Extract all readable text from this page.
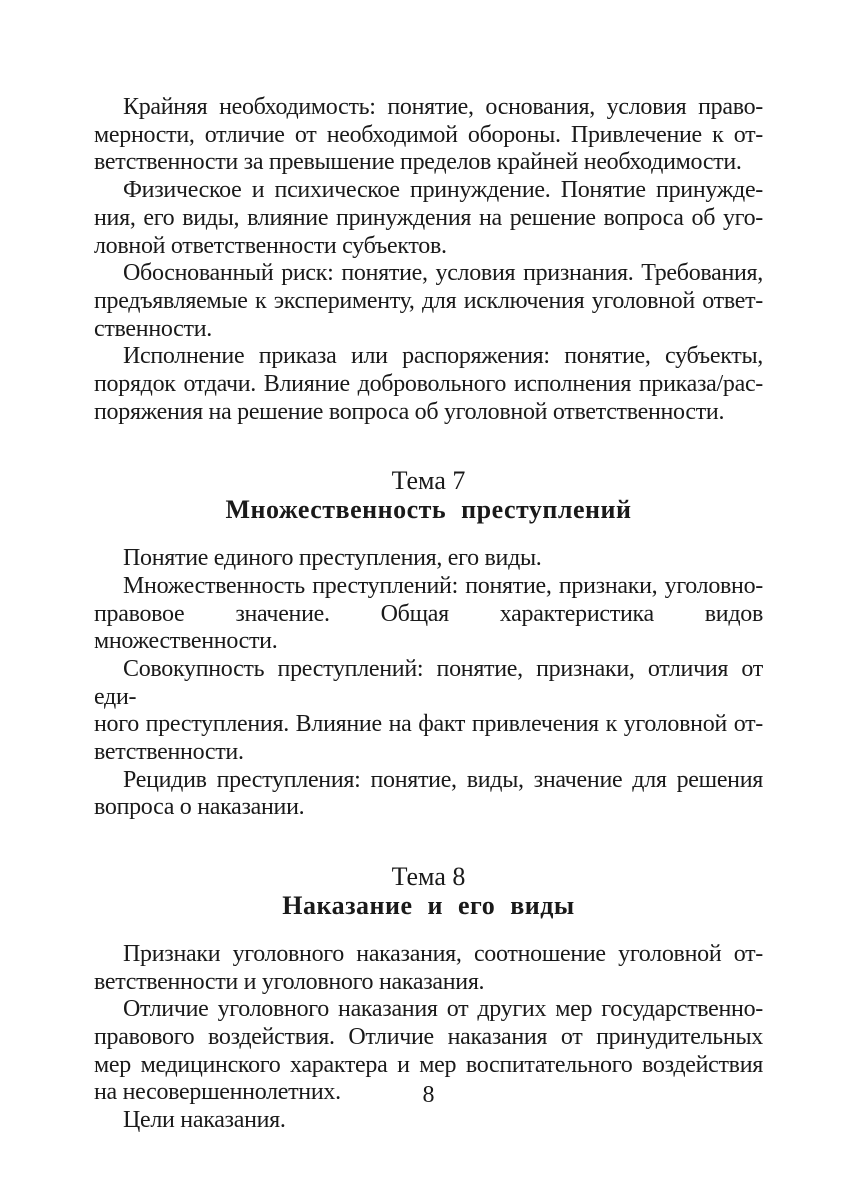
Крайняя необходимость: понятие, основания, условия право-
мерности, отличие от необходимой обороны. Привлечение к от-
ветственности за превышение пределов крайней необходимости.
Физическое и психическое принуждение. Понятие принужде-
ния, его виды, влияние принуждения на решение вопроса об уго-
ловной ответственности субъектов.
Обоснованный риск: понятие, условия признания. Требования,
предъявляемые к эксперименту, для исключения уголовной ответ-
ственности.
Исполнение приказа или распоряжения: понятие, субъекты,
порядок отдачи. Влияние добровольного исполнения приказа/рас-
поряжения на решение вопроса об уголовной ответственности.
Тема 7
Множественность преступлений
Понятие единого преступления, его виды.
Множественность преступлений: понятие, признаки, уголовно-
правовое значение. Общая характеристика видов множественности.
Совокупность преступлений: понятие, признаки, отличия от еди-
ного преступления. Влияние на факт привлечения к уголовной от-
ветственности.
Рецидив преступления: понятие, виды, значение для решения
вопроса о наказании.
Тема 8
Наказание и его виды
Признаки уголовного наказания, соотношение уголовной от-
ветственности и уголовного наказания.
Отличие уголовного наказания от других мер государственно-
правового воздействия. Отличие наказания от принудительных
мер медицинского характера и мер воспитательного воздействия
на несовершеннолетних.
Цели наказания.
8
